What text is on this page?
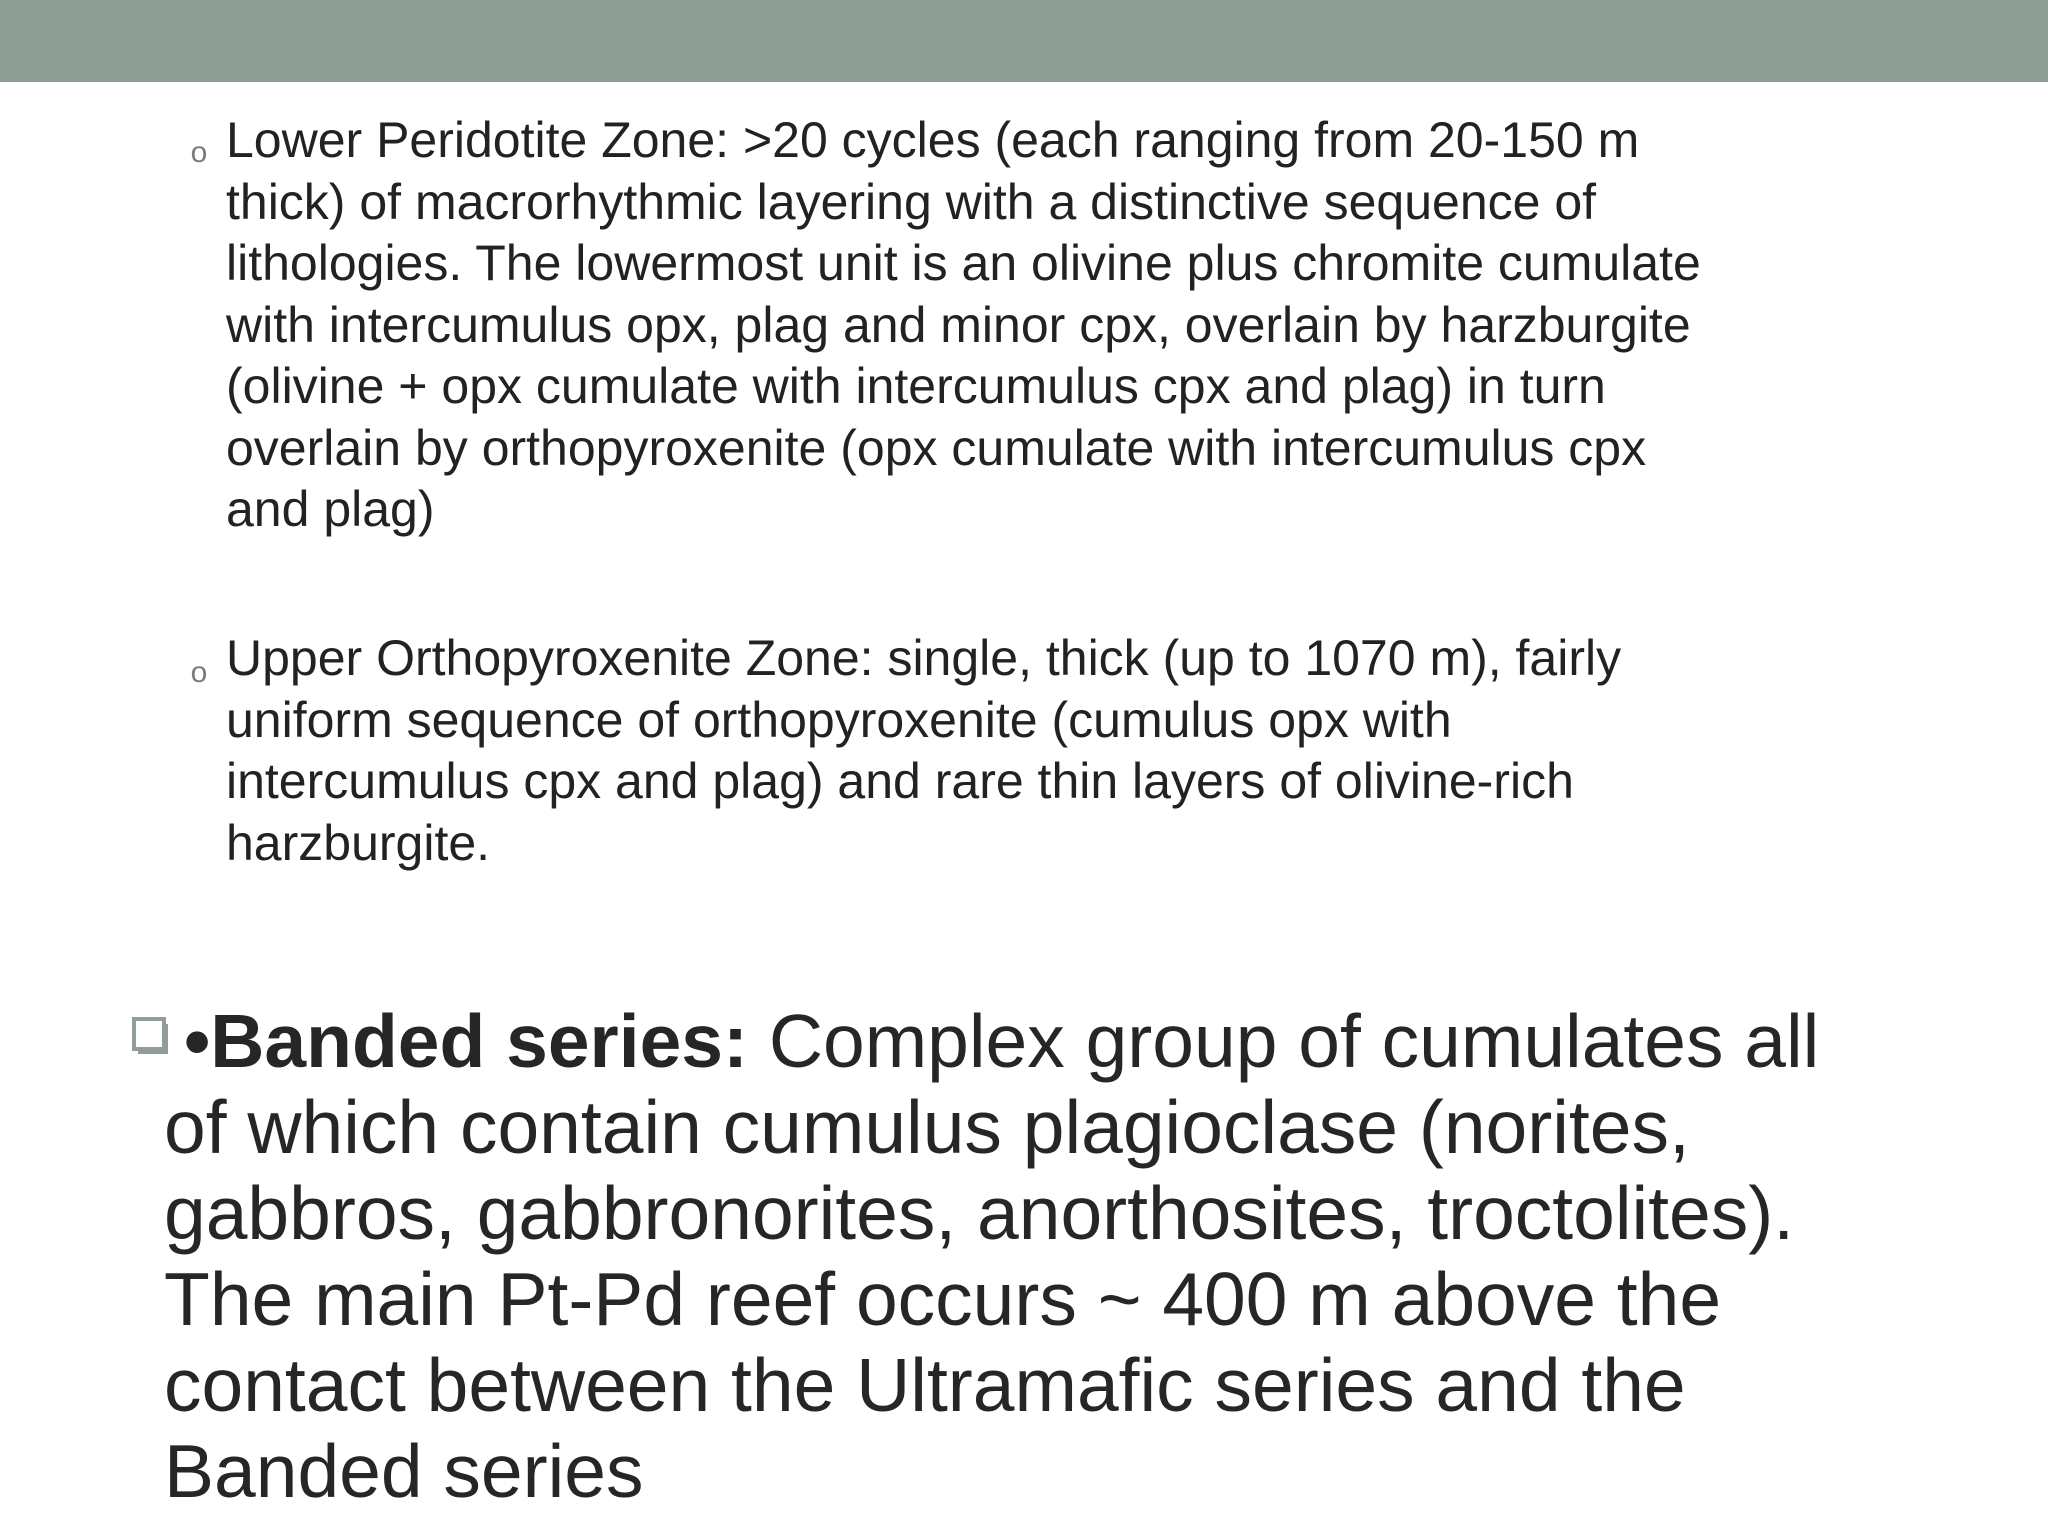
o Lower Peridotite Zone: >20 cycles (each ranging from 20-150 m
thick) of macrorhythmic layering with a distinctive sequence of
lithologies. The lowermost unit is an olivine plus chromite cumulate
with intercumulus opx, plag and minor cpx, overlain by harzburgite
(olivine + opx cumulate with intercumulus cpx and plag) in turn
overlain by orthopyroxenite (opx cumulate with intercumulus cpx
and plag)
o Upper Orthopyroxenite Zone: single, thick (up to 1070 m), fairly
uniform sequence of orthopyroxenite (cumulus opx with
intercumulus cpx and plag) and rare thin layers of olivine-rich
harzburgite.
•Banded series: Complex group of cumulates all
of which contain cumulus plagioclase (norites,
gabbros, gabbronorites, anorthosites, troctolites).
The main Pt-Pd reef occurs ~ 400 m above the
contact between the Ultramafic series and the
Banded series
